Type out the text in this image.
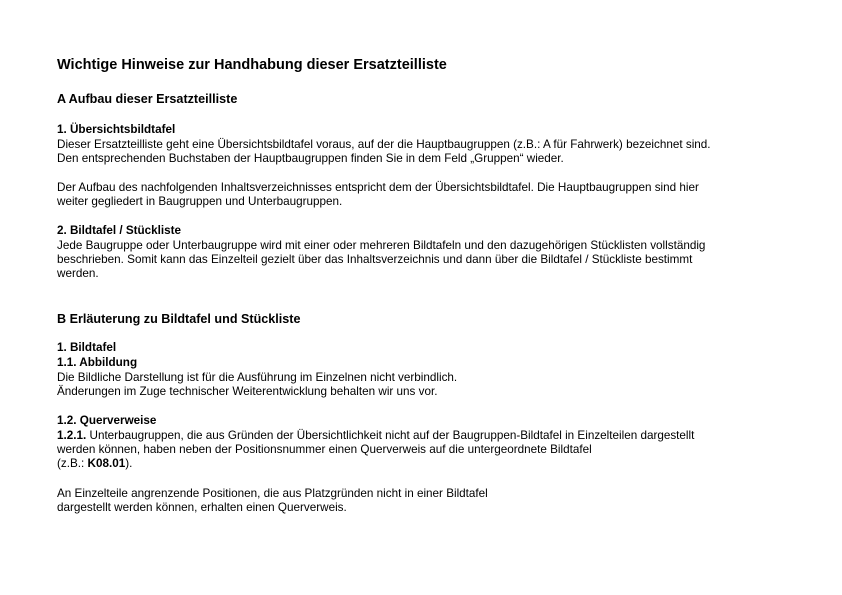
Wichtige Hinweise zur Handhabung dieser Ersatzteilliste
A Aufbau dieser Ersatzteilliste
1. Übersichtsbildtafel
Dieser Ersatzteilliste geht eine Übersichtsbildtafel voraus, auf der die Hauptbaugruppen (z.B.: A für Fahrwerk) bezeichnet sind.
Den entsprechenden Buchstaben der Hauptbaugruppen finden Sie in dem Feld „Gruppen“ wieder.
Der Aufbau des nachfolgenden Inhaltsverzeichnisses entspricht dem der Übersichtsbildtafel. Die Hauptbaugruppen sind hier
weiter gegliedert in Baugruppen und Unterbaugruppen.
2. Bildtafel / Stückliste
Jede Baugruppe oder Unterbaugruppe wird mit einer oder mehreren Bildtafeln und den dazugehörigen Stücklisten vollständig
beschrieben. Somit kann das Einzelteil gezielt über das Inhaltsverzeichnis und dann über die Bildtafel / Stückliste bestimmt
werden.
B Erläuterung zu Bildtafel und Stückliste
1. Bildtafel
1.1. Abbildung
Die Bildliche Darstellung ist für die Ausführung im Einzelnen nicht verbindlich.
Änderungen im Zuge technischer Weiterentwicklung behalten wir uns vor.
1.2. Querverweise
1.2.1. Unterbaugruppen, die aus Gründen der Übersichtlichkeit nicht auf der Baugruppen-Bildtafel in Einzelteilen dargestellt
werden können, haben neben der Positionsnummer einen Querverweis auf die untergeordnete Bildtafel
(z.B.: K08.01).
An Einzelteile angrenzende Positionen, die aus Platzgründen nicht in einer Bildtafel
dargestellt werden können, erhalten einen Querverweis.
